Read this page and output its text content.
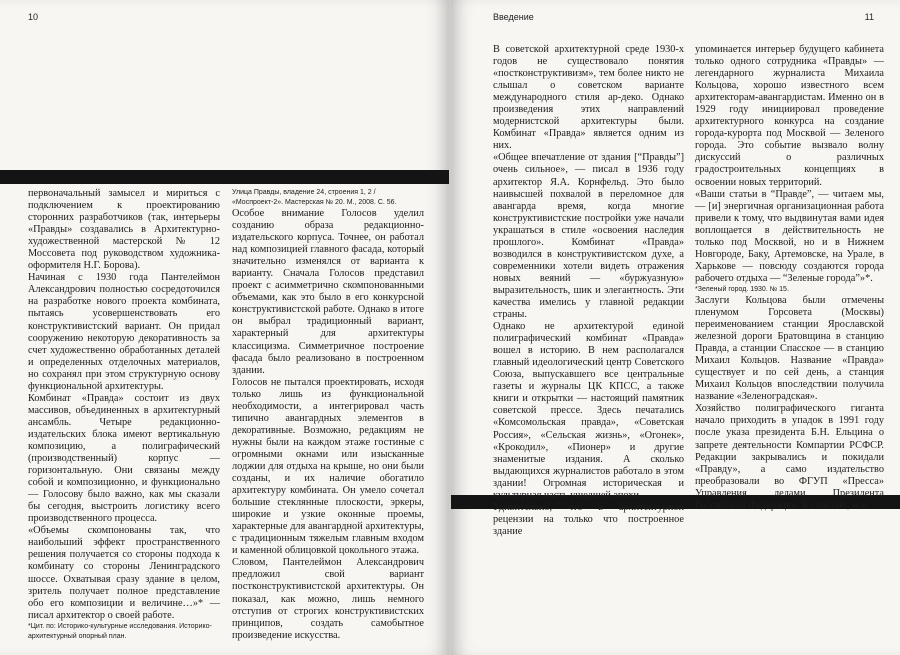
10

первоначальный замысел и мириться с подключением к проектированию сторонних разработчиков (так, интерьеры «Правды» создавались в Архитектурно-художественной мастерской № 12 Моссовета под руководством художника-оформителя Н.Г. Борова).

Начиная с 1930 года Пантелеймон Александрович полностью сосредоточился на разработке нового проекта комбината, пытаясь усовершенствовать его конструктивистский вариант. Он придал сооружению некоторую декоративность за счет художественно обработанных деталей и определенных отделочных материалов, но сохранял при этом структурную основу функциональной архитектуры.

Комбинат «Правда» состоит из двух массивов, объединенных в архитектурный ансамбль. Четыре редакционно-издательских блока имеют вертикальную композицию, а полиграфический (производственный) корпус — горизонтальную. Они связаны между собой и композиционно, и функционально — Голосову было важно, как мы сказали бы сегодня, выстроить логистику всего производственного процесса.

«Объемы скомпонованы так, что наибольший эффект пространственного решения получается со стороны подхода к комбинату со стороны Ленинградского шоссе. Охватывая сразу здание в целом, зритель получает полное представление обо его композиции и величине…»* — писал архитектор о своей работе.

*Цит. по: Историко-культурные исследования. Историко-архитектурный опорный план.

Улица Правды, владение 24, строения 1, 2 / «Моспроект-2». Мастерская № 20. М., 2008. С. 56.

Особое внимание Голосов уделил созданию образа редакционно-издательского корпуса. Точнее, он работал над композицией главного фасада, который значительно изменялся от варианта к варианту. Сначала Голосов представил проект с асимметрично скомпонованными объемами, как это было в его конкурсной конструктивистской работе. Однако в итоге он выбрал традиционный вариант, характерный для архитектуры классицизма. Симметричное построение фасада было реализовано в построенном здании.

Голосов не пытался проектировать, исходя только лишь из функциональной необходимости, а интегрировал часть типично авангардных элементов в декоративные. Возможно, редакциям не нужны были на каждом этаже гостиные с огромными окнами или изысканные лоджии для отдыха на крыше, но они были созданы, и их наличие обогатило архитектуру комбината. Он умело сочетал большие стеклянные плоскости, эркеры, широкие и узкие оконные проемы, характерные для авангардной архитектуры, с традиционным тяжелым главным входом и каменной облицовкой цокольного этажа.

Словом, Пантелеймон Александрович предложил свой вариант постконструктивистской архитектуры. Он показал, как можно, лишь немного отступив от строгих конструктивистских принципов, создать самобытное произведение искусства.

Введение	11

В советской архитектурной среде 1930-х годов не существовало понятия «постконструктивизм», тем более никто не слышал о советском варианте международного стиля ар-деко. Однако произведения этих направлений модернистской архитектуры были. Комбинат «Правда» является одним из них.

«Общее впечатление от здания [“Правды”] очень сильное», — писал в 1936 году архитектор Я.А. Корнфельд. Это было наивысшей похвалой в переломное для авангарда время, когда многие конструктивистские постройки уже начали украшаться в стиле «освоения наследия прошлого». Комбинат «Правда» возводился в конструктивистском духе, а современники хотели видеть отражения новых веяний — «буржуазную» выразительность, шик и элегантность. Эти качества имелись у главной редакции страны.

Однако не архитектурой единой полиграфический комбинат «Правда» вошел в историю. В нем располагался главный идеологический центр Советского Союза, выпускавшего все центральные газеты и журналы ЦК КПСС, а также книги и открытки — настоящий памятник советской прессе. Здесь печатались «Комсомольская правда», «Советская Россия», «Сельская жизнь», «Огонек», «Крокодил», «Пионер» и другие знаменитые издания. А сколько выдающихся журналистов работало в этом здании! Огромная историческая и культурная часть ушедшей эпохи.

Удивительно, что в архитектурной рецензии на только что построенное здание

упоминается интерьер будущего кабинета только одного сотрудника «Правды» — легендарного журналиста Михаила Кольцова, хорошо известного всем архитекторам-авангардистам. Именно он в 1929 году инициировал проведение архитектурного конкурса на создание города-курорта под Москвой — Зеленого города. Это событие вызвало волну дискуссий о различных градостроительных концепциях в освоении новых территорий.

«Ваши статьи в “Правде”, — читаем мы, — [и] энергичная организационная работа привели к тому, что выдвинутая вами идея воплощается в действительность не только под Москвой, но и в Нижнем Новгороде, Баку, Артемовске, на Урале, в Харькове — повсюду создаются города рабочего отдыха — “Зеленые города”»*.

*Зеленый город. 1930. № 15.

Заслуги Кольцова были отмечены пленумом Горсовета (Москвы) переименованием станции Ярославской железной дороги Братовщина в станцию Правда, а станции Спасское — в станцию Михаил Кольцов. Название «Правда» существует и по сей день, а станция Михаил Кольцов впоследствии получила название «Зеленоградская».

Хозяйство полиграфического гиганта начало приходить в упадок в 1991 году после указа президента Б.Н. Ельцина о запрете деятельности Компартии РСФСР. Редакции закрывались и покидали «Правду», а само издательство преобразовали во ФГУП «Пресса» Управления делами Президента Российской Федерации. К счастью, все
